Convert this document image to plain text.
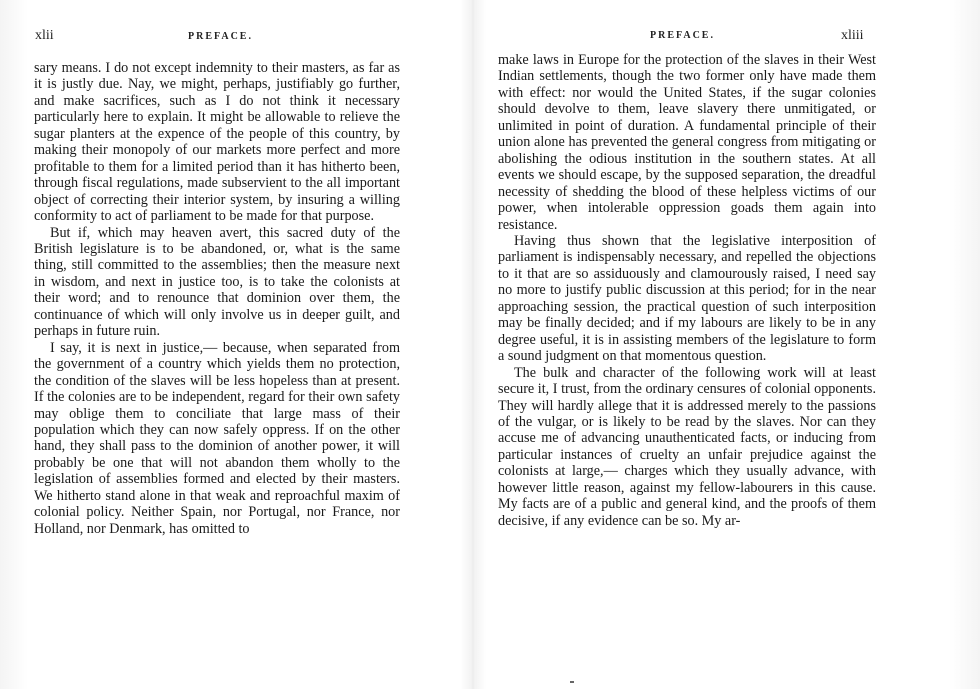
xlii	PREFACE.

sary means. I do not except indemnity to their masters, as far as it is justly due. Nay, we might, perhaps, justifiably go further, and make sacrifices, such as I do not think it necessary particularly here to explain. It might be allowable to relieve the sugar planters at the expence of the people of this country, by making their monopoly of our markets more perfect and more profitable to them for a limited period than it has hitherto been, through fiscal regulations, made subservient to the all important object of correcting their interior system, by insuring a willing conformity to act of parliament to be made for that purpose.

But if, which may heaven avert, this sacred duty of the British legislature is to be abandoned, or, what is the same thing, still committed to the assemblies; then the measure next in wisdom, and next in justice too, is to take the colonists at their word; and to renounce that dominion over them, the continuance of which will only involve us in deeper guilt, and perhaps in future ruin.

I say, it is next in justice,— because, when separated from the government of a country which yields them no protection, the condition of the slaves will be less hopeless than at present. If the colonies are to be independent, regard for their own safety may oblige them to conciliate that large mass of their population which they can now safely oppress. If on the other hand, they shall pass to the dominion of another power, it will probably be one that will not abandon them wholly to the legislation of assemblies formed and elected by their masters. We hitherto stand alone in that weak and reproachful maxim of colonial policy. Neither Spain, nor Portugal, nor France, nor Holland, nor Denmark, has omitted to

PREFACE.	xliii

make laws in Europe for the protection of the slaves in their West Indian settlements, though the two former only have made them with effect: nor would the United States, if the sugar colonies should devolve to them, leave slavery there unmitigated, or unlimited in point of duration. A fundamental principle of their union alone has prevented the general congress from mitigating or abolishing the odious institution in the southern states. At all events we should escape, by the supposed separation, the dreadful necessity of shedding the blood of these helpless victims of our power, when intolerable oppression goads them again into resistance.

Having thus shown that the legislative interposition of parliament is indispensably necessary, and repelled the objections to it that are so assiduously and clamourously raised, I need say no more to justify public discussion at this period; for in the near approaching session, the practical question of such interposition may be finally decided; and if my labours are likely to be in any degree useful, it is in assisting members of the legislature to form a sound judgment on that momentous question.

The bulk and character of the following work will at least secure it, I trust, from the ordinary censures of colonial opponents. They will hardly allege that it is addressed merely to the passions of the vulgar, or is likely to be read by the slaves. Nor can they accuse me of advancing unauthenticated facts, or inducing from particular instances of cruelty an unfair prejudice against the colonists at large,— charges which they usually advance, with however little reason, against my fellow-labourers in this cause. My facts are of a public and general kind, and the proofs of them decisive, if any evidence can be so. My ar-
